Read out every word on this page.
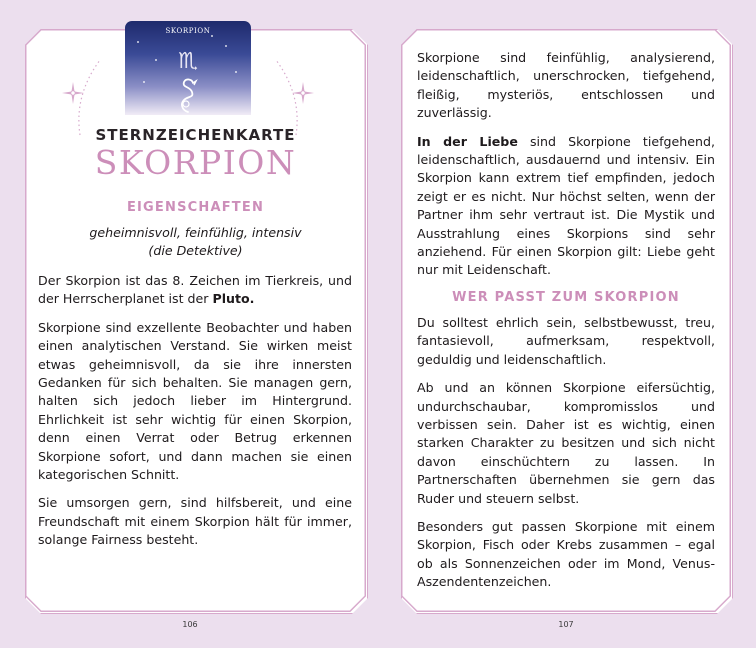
SKORPION
♏
STERNZEICHENKARTE
SKORPION
EIGENSCHAFTEN
geheimnisvoll, feinfühlig, intensiv
(die Detektive)

Der Skorpion ist das 8. Zeichen im Tierkreis, und der Herrscherplanet ist der Pluto.

Skorpione sind exzellente Beobachter und haben einen analytischen Verstand. Sie wirken meist etwas geheimnisvoll, da sie ihre innersten Gedanken für sich behalten. Sie managen gern, halten sich jedoch lieber im Hintergrund. Ehrlichkeit ist sehr wichtig für einen Skorpion, denn einen Verrat oder Betrug erkennen Skorpione sofort, und dann machen sie einen kategorischen Schnitt.

Sie umsorgen gern, sind hilfsbereit, und eine Freundschaft mit einem Skorpion hält für immer, solange Fairness besteht.

106

Skorpione sind feinfühlig, analysierend, leidenschaftlich, unerschrocken, tiefgehend, fleißig, mysteriös, entschlossen und zuverlässig.

In der Liebe sind Skorpione tiefgehend, leidenschaftlich, ausdauernd und intensiv. Ein Skorpion kann extrem tief empfinden, jedoch zeigt er es nicht. Nur höchst selten, wenn der Partner ihm sehr vertraut ist. Die Mystik und Ausstrahlung eines Skorpions sind sehr anziehend. Für einen Skorpion gilt: Liebe geht nur mit Leidenschaft.

WER PASST ZUM SKORPION

Du solltest ehrlich sein, selbstbewusst, treu, fantasievoll, aufmerksam, respektvoll, geduldig und leidenschaftlich.

Ab und an können Skorpione eifersüchtig, undurchschaubar, kompromisslos und verbissen sein. Daher ist es wichtig, einen starken Charakter zu besitzen und sich nicht davon einschüchtern zu lassen. In Partnerschaften übernehmen sie gern das Ruder und steuern selbst.

Besonders gut passen Skorpione mit einem Skorpion, Fisch oder Krebs zusammen – egal ob als Sonnenzeichen oder im Mond, Venus-Aszendentenzeichen.

107
